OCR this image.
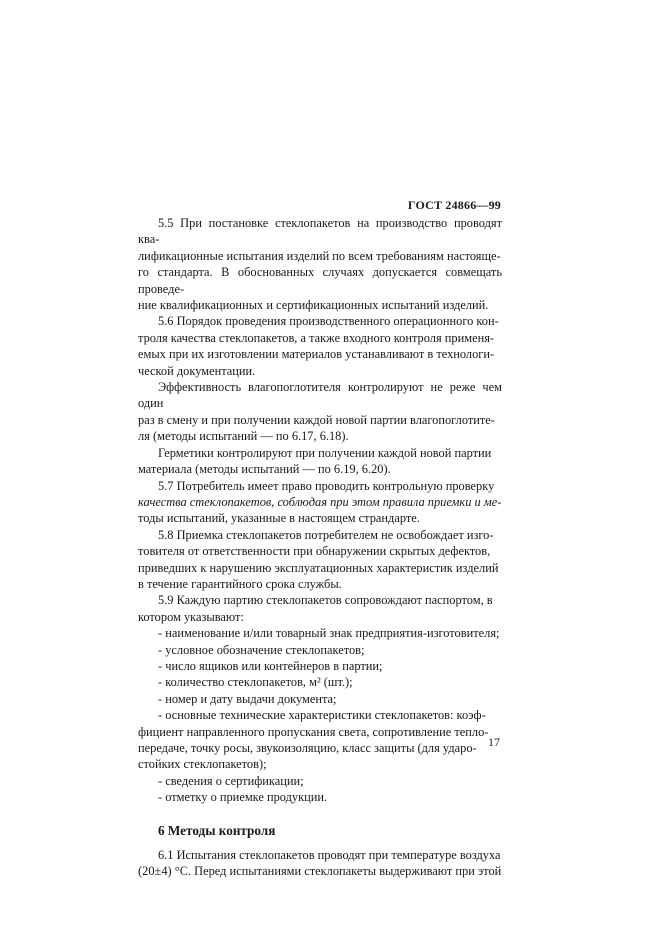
ГОСТ 24866—99

5.5 При постановке стеклопакетов на производство проводят ква-
лификационные испытания изделий по всем требованиям настояще-
го стандарта. В обоснованных случаях допускается совмещать проведе-
ние квалификационных и сертификационных испытаний изделий.

5.6 Порядок проведения производственного операционного кон-
троля качества стеклопакетов, а также входного контроля применя-
емых при их изготовлении материалов устанавливают в технологи-
ческой документации.

Эффективность влагопоглотителя контролируют не реже чем один
раз в смену и при получении каждой новой партии влагопоглотите-
ля (методы испытаний — по 6.17, 6.18).

Герметики контролируют при получении каждой новой партии
материала (методы испытаний — по 6.19, 6.20).

5.7 Потребитель имеет право проводить контрольную проверку
качества стеклопакетов, соблюдая при этом правила приемки и ме-
тоды испытаний, указанные в настоящем страндарте.

5.8 Приемка стеклопакетов потребителем не освобождает изго-
товителя от ответственности при обнаружении скрытых дефектов,
приведших к нарушению эксплуатационных характеристик изделий
в течение гарантийного срока службы.

5.9 Каждую партию стеклопакетов сопровождают паспортом, в
котором указывают:

- наименование и/или товарный знак предприятия-изготовителя;
- условное обозначение стеклопакетов;
- число ящиков или контейнеров в партии;
- количество стеклопакетов, м² (шт.);
- номер и дату выдачи документа;
- основные технические характеристики стеклопакетов: коэф-
фициент направленного пропускания света, сопротивление тепло-
передаче, точку росы, звукоизоляцию, класс защиты (для ударо-
стойких стеклопакетов);
- сведения о сертификации;
- отметку о приемке продукции.
6 Методы контроля

6.1 Испытания стеклопакетов проводят при температуре воздуха
(20±4) °С. Перед испытаниями стеклопакеты выдерживают при этой

17
